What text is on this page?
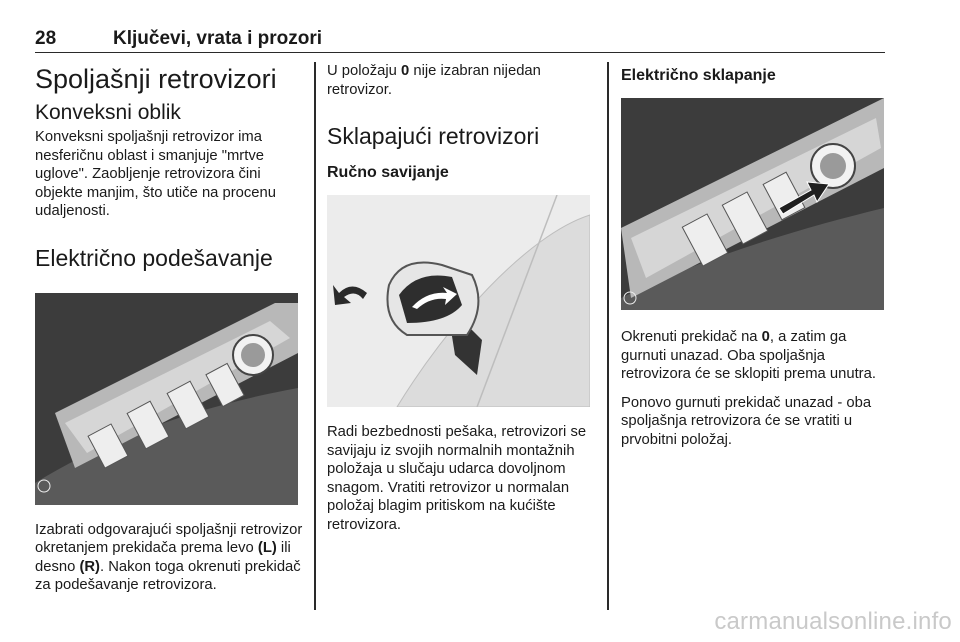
28	Ključevi, vrata i prozori
Spoljašnji retrovizori
Konveksni oblik

Konveksni spoljašnji retrovizor ima nesferičnu oblast i smanjuje "mrtve uglove". Zaobljenje retrovizora čini objekte manjim, što utiče na procenu udaljenosti.

Električno podešavanje

Izabrati odgovarajući spoljašnji retrovizor okretanjem prekidača prema levo (L) ili desno (R). Nakon toga okrenuti prekidač za podešavanje retrovizora.

U položaju 0 nije izabran nijedan retrovizor.

Sklapajući retrovizori
Ručno savijanje

Radi bezbednosti pešaka, retrovizori se savijaju iz svojih normalnih montažnih položaja u slučaju udarca dovoljnom snagom. Vratiti retrovizor u normalan položaj blagim pritiskom na kućište retrovizora.

Električno sklapanje

Okrenuti prekidač na 0, a zatim ga gurnuti unazad. Oba spoljašnja retrovizora će se sklopiti prema unutra.

Ponovo gurnuti prekidač unazad - oba spoljašnja retrovizora će se vratiti u prvobitni položaj.

carmanualsonline.info
